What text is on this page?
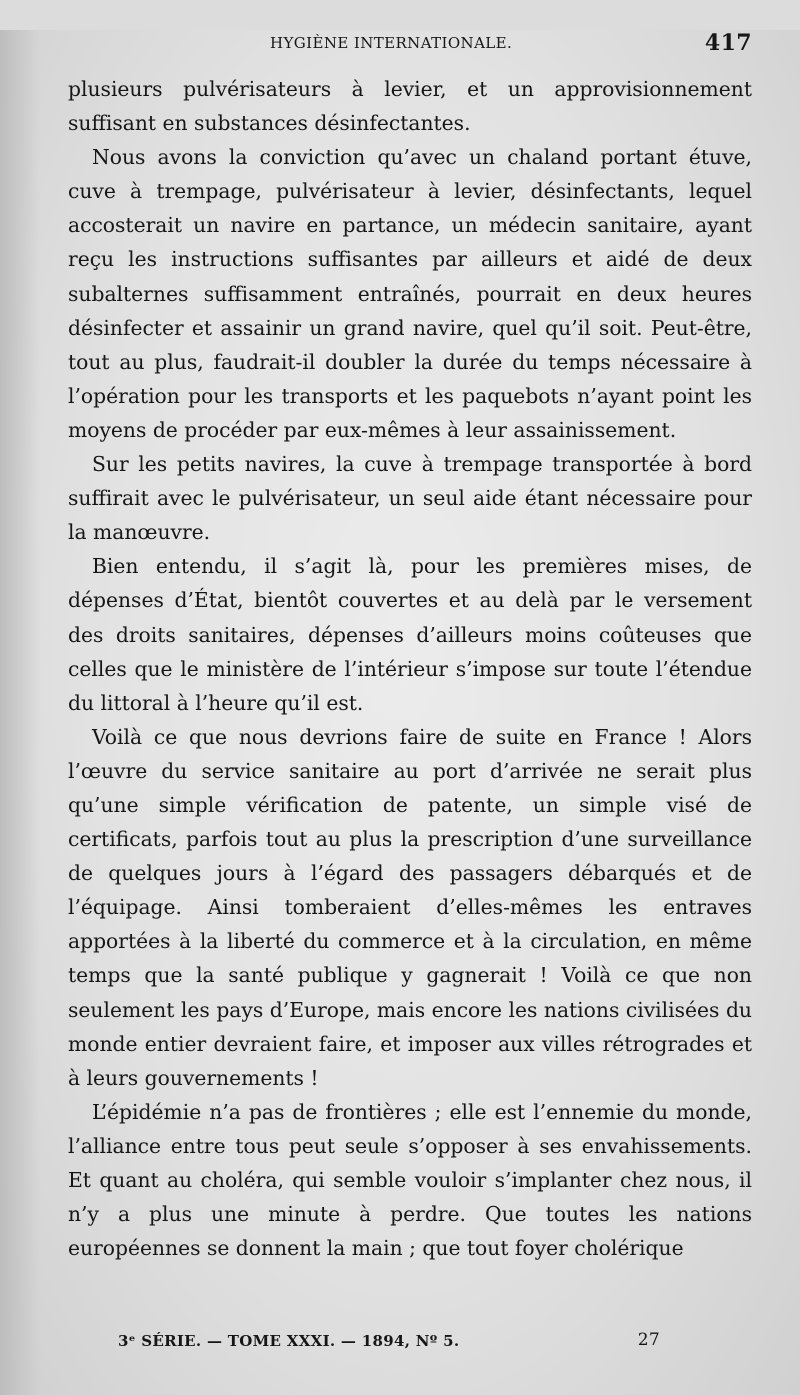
HYGIÈNE INTERNATIONALE.	417

plusieurs pulvérisateurs à levier, et un approvisionnement suffisant en substances désinfectantes.

Nous avons la conviction qu’avec un chaland portant étuve, cuve à trempage, pulvérisateur à levier, désinfectants, lequel accosterait un navire en partance, un médecin sanitaire, ayant reçu les instructions suffisantes par ailleurs et aidé de deux subalternes suffisamment entraînés, pourrait en deux heures désinfecter et assainir un grand navire, quel qu’il soit. Peut-être, tout au plus, faudrait-il doubler la durée du temps nécessaire à l’opération pour les transports et les paquebots n’ayant point les moyens de procéder par eux-mêmes à leur assainissement.

Sur les petits navires, la cuve à trempage transportée à bord suffirait avec le pulvérisateur, un seul aide étant nécessaire pour la manœuvre.

Bien entendu, il s’agit là, pour les premières mises, de dépenses d’État, bientôt couvertes et au delà par le versement des droits sanitaires, dépenses d’ailleurs moins coûteuses que celles que le ministère de l’intérieur s’impose sur toute l’étendue du littoral à l’heure qu’il est.

Voilà ce que nous devrions faire de suite en France ! Alors l’œuvre du service sanitaire au port d’arrivée ne serait plus qu’une simple vérification de patente, un simple visé de certificats, parfois tout au plus la prescription d’une surveillance de quelques jours à l’égard des passagers débarqués et de l’équipage. Ainsi tomberaient d’elles-mêmes les entraves apportées à la liberté du commerce et à la circulation, en même temps que la santé publique y gagnerait ! Voilà ce que non seulement les pays d’Europe, mais encore les nations civilisées du monde entier devraient faire, et imposer aux villes rétrogrades et à leurs gouvernements !

L’épidémie n’a pas de frontières ; elle est l’ennemie du monde, l’alliance entre tous peut seule s’opposer à ses envahissements. Et quant au choléra, qui semble vouloir s’implanter chez nous, il n’y a plus une minute à perdre. Que toutes les nations européennes se donnent la main ; que tout foyer cholérique

3ᵉ SÉRIE. — TOME XXXI. — 1894, Nº 5.	27
